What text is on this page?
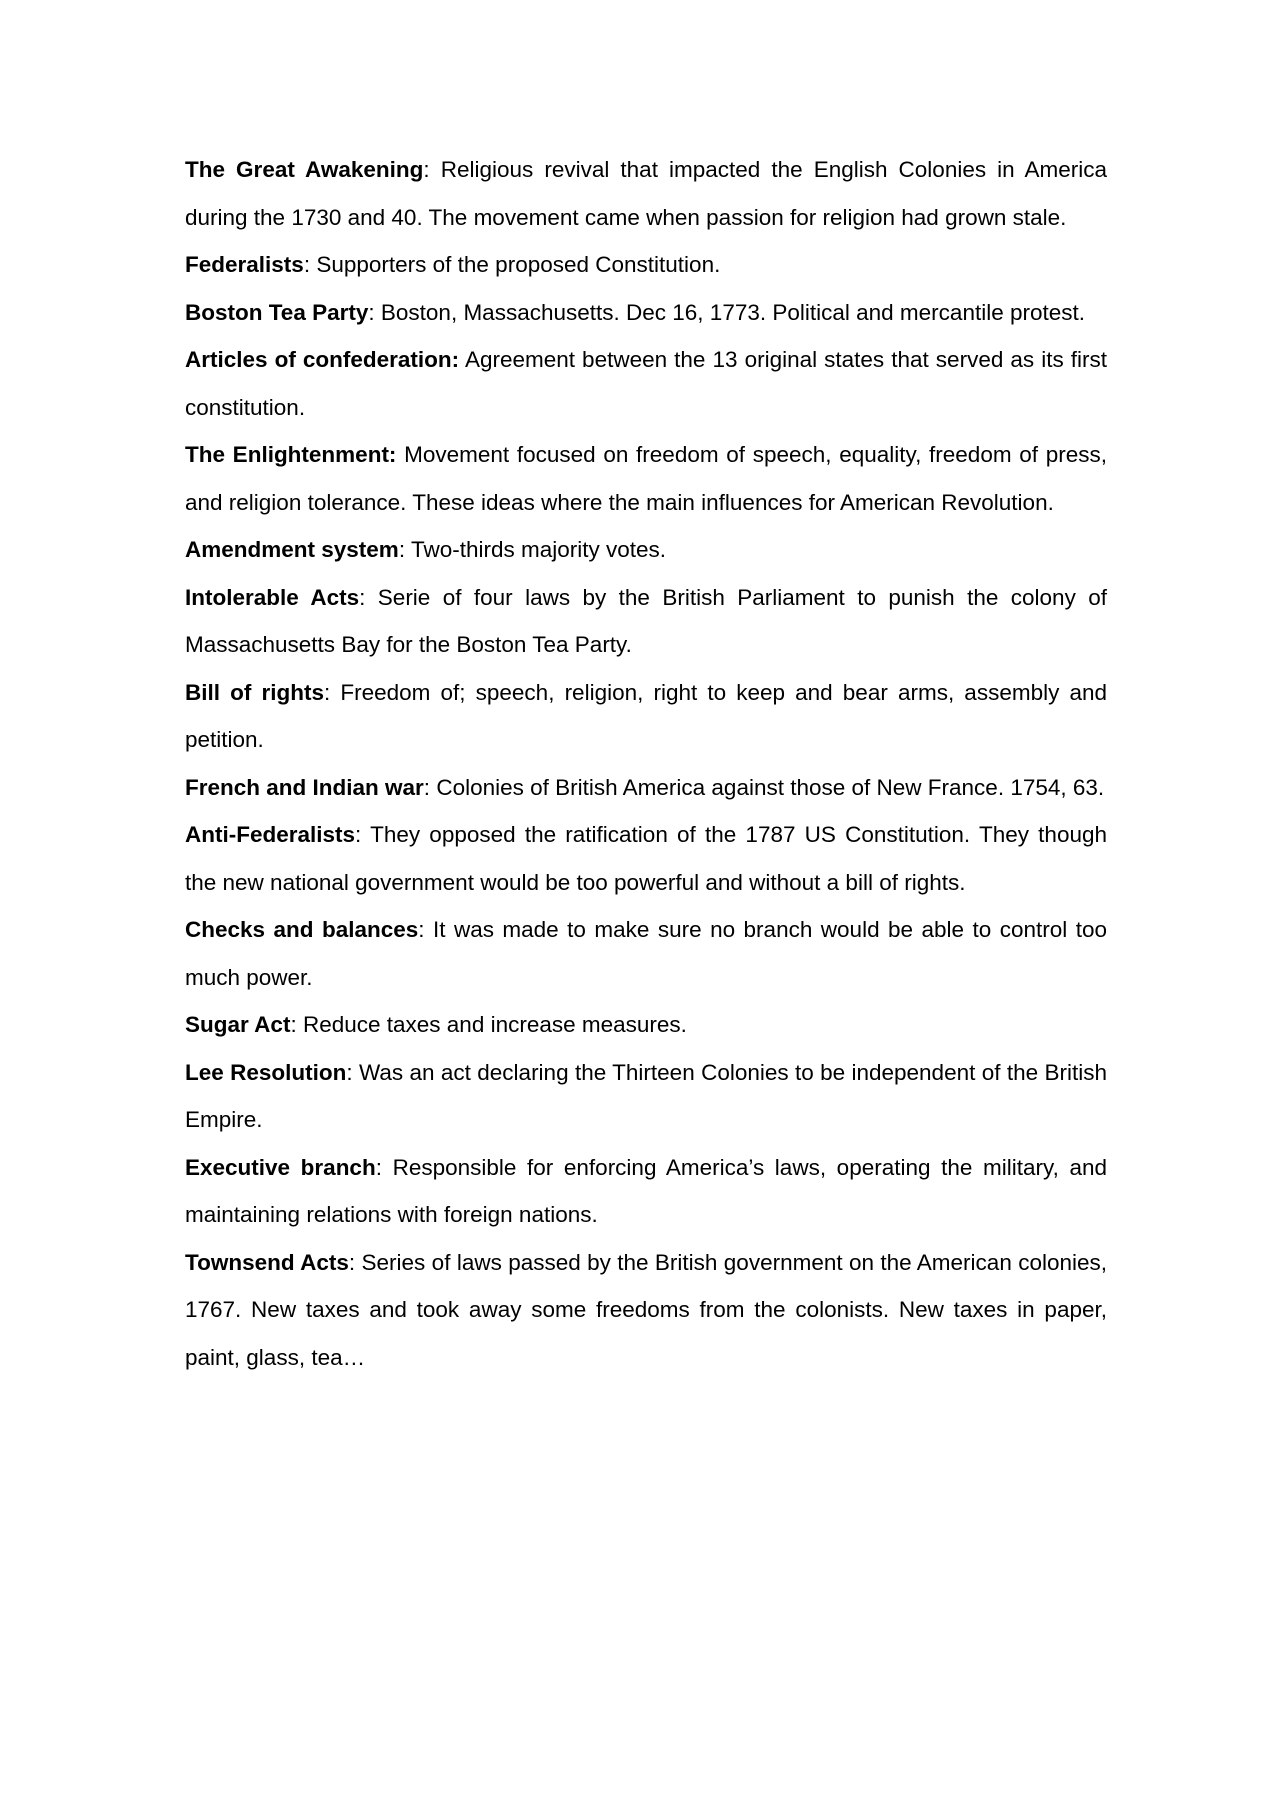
The Great Awakening: Religious revival that impacted the English Colonies in America during the 1730 and 40. The movement came when passion for religion had grown stale.

Federalists: Supporters of the proposed Constitution.

Boston Tea Party: Boston, Massachusetts. Dec 16, 1773. Political and mercantile protest.

Articles of confederation: Agreement between the 13 original states that served as its first constitution.

The Enlightenment: Movement focused on freedom of speech, equality, freedom of press, and religion tolerance. These ideas where the main influences for American Revolution.

Amendment system: Two-thirds majority votes.

Intolerable Acts: Serie of four laws by the British Parliament to punish the colony of Massachusetts Bay for the Boston Tea Party.

Bill of rights: Freedom of; speech, religion, right to keep and bear arms, assembly and petition.

French and Indian war: Colonies of British America against those of New France. 1754, 63.

Anti-Federalists: They opposed the ratification of the 1787 US Constitution. They though the new national government would be too powerful and without a bill of rights.

Checks and balances: It was made to make sure no branch would be able to control too much power.

Sugar Act: Reduce taxes and increase measures.

Lee Resolution: Was an act declaring the Thirteen Colonies to be independent of the British Empire.

Executive branch: Responsible for enforcing America’s laws, operating the military, and maintaining relations with foreign nations.

Townsend Acts: Series of laws passed by the British government on the American colonies, 1767. New taxes and took away some freedoms from the colonists. New taxes in paper, paint, glass, tea…
